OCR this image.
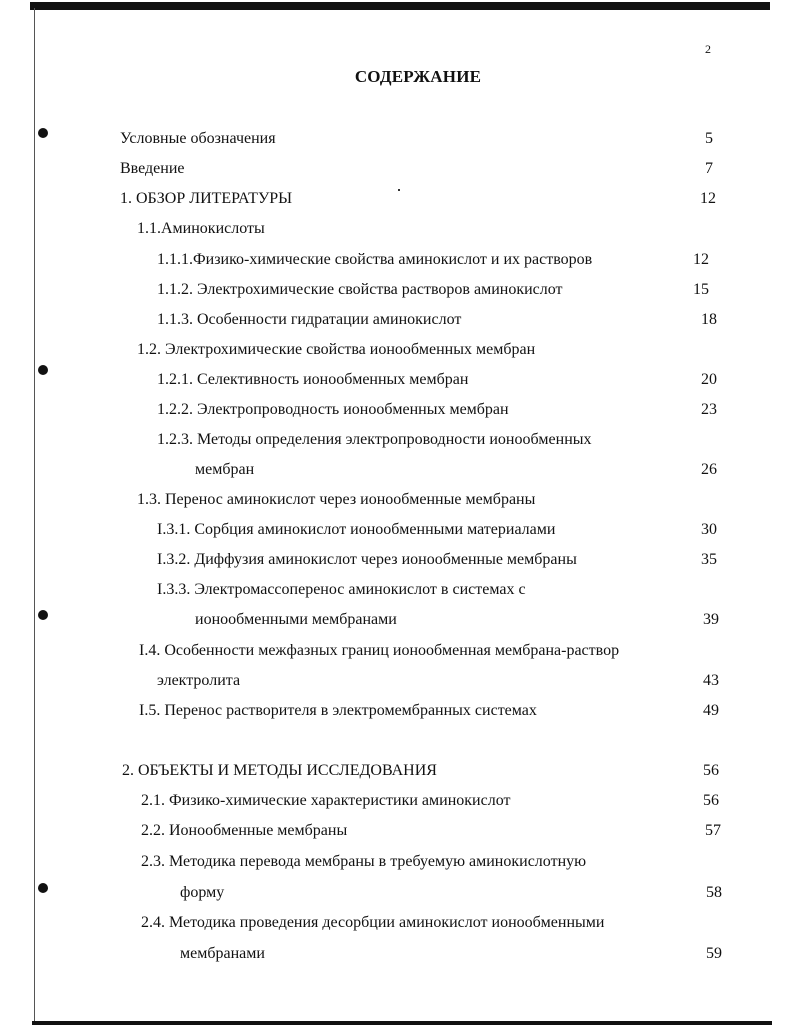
2
СОДЕРЖАНИЕ
Условные обозначения	5
Введение	7
1. ОБЗОР ЛИТЕРАТУРЫ	12
1.1.Аминокислоты
1.1.1.Физико-химические свойства аминокислот и их растворов	12
1.1.2. Электрохимические свойства растворов аминокислот	15
1.1.3. Особенности гидратации аминокислот	18
1.2. Электрохимические свойства ионообменных мембран
1.2.1. Селективность ионообменных мембран	20
1.2.2. Электропроводность ионообменных мембран	23
1.2.3. Методы определения электропроводности ионообменных
мембран	26
1.3. Перенос аминокислот через ионообменные мембраны
I.3.1. Сорбция аминокислот ионообменными материалами	30
I.3.2. Диффузия аминокислот через ионообменные мембраны	35
I.3.3. Электромассоперенос аминокислот в системах с
ионообменными мембранами	39
I.4. Особенности межфазных границ ионообменная мембрана-раствор
электролита	43
I.5. Перенос растворителя в электромембранных системах	49
2. ОБЪЕКТЫ И МЕТОДЫ ИССЛЕДОВАНИЯ	56
2.1. Физико-химические характеристики аминокислот	56
2.2. Ионообменные мембраны	57
2.3. Методика перевода мембраны в требуемую аминокислотную
форму	58
2.4. Методика проведения десорбции аминокислот ионообменными
мембранами	59
